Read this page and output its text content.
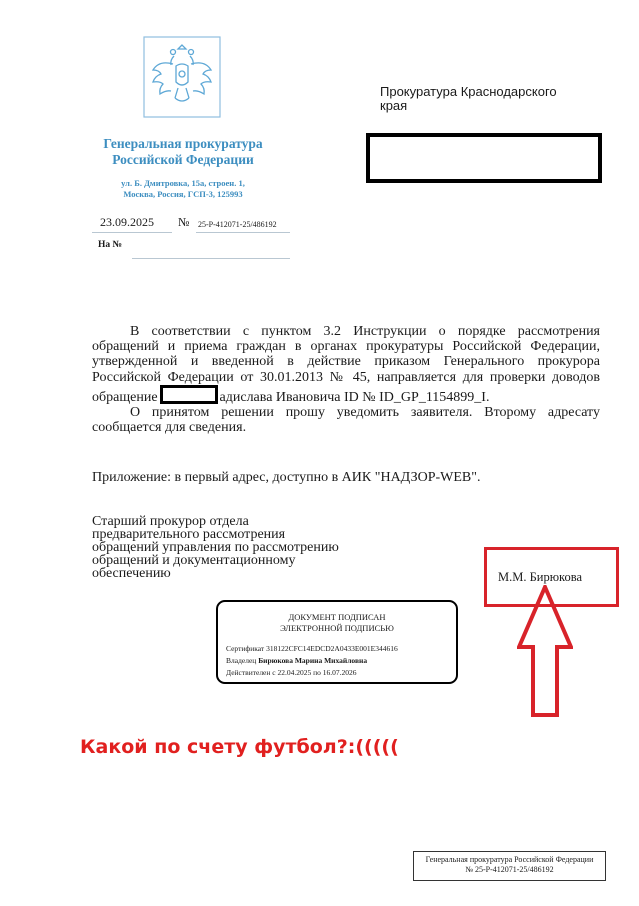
Генеральная прокуратура
Российской Федерации
ул. Б. Дмитровка, 15а, строен. 1,
Москва, Россия, ГСП-3, 125993
23.09.2025 № 25-Р-412071-25/486192
На №
Прокуратура Краснодарского
края

В соответствии с пунктом 3.2 Инструкции о порядке рассмотрения обращений и приема граждан в органах прокуратуры Российской Федерации, утвержденной и введенной в действие приказом Генерального прокурора Российской Федерации от 30.01.2013 № 45, направляется для проверки доводов обращение	адислава Ивановича ID № ID_GP_1154899_I.

О принятом решении прошу уведомить заявителя. Второму адресату сообщается для сведения.

Приложение: в первый адрес, доступно в АИК "НАДЗОР-WEB".
Старший прокурор отдела
предварительного рассмотрения
обращений управления по рассмотрению
обращений и документационному
обеспечению	М.М. Бирюкова
ДОКУМЕНТ ПОДПИСАН
ЭЛЕКТРОННОЙ ПОДПИСЬЮ
Сертификат 318122CFC14EDCD2A0433E001E344616
Владелец Бирюкова Марина Михайловна
Действителен с 22.04.2025 по 16.07.2026
Какой по счету футбол?:(((((
Генеральная прокуратура Российской Федерации
№ 25-Р-412071-25/486192
